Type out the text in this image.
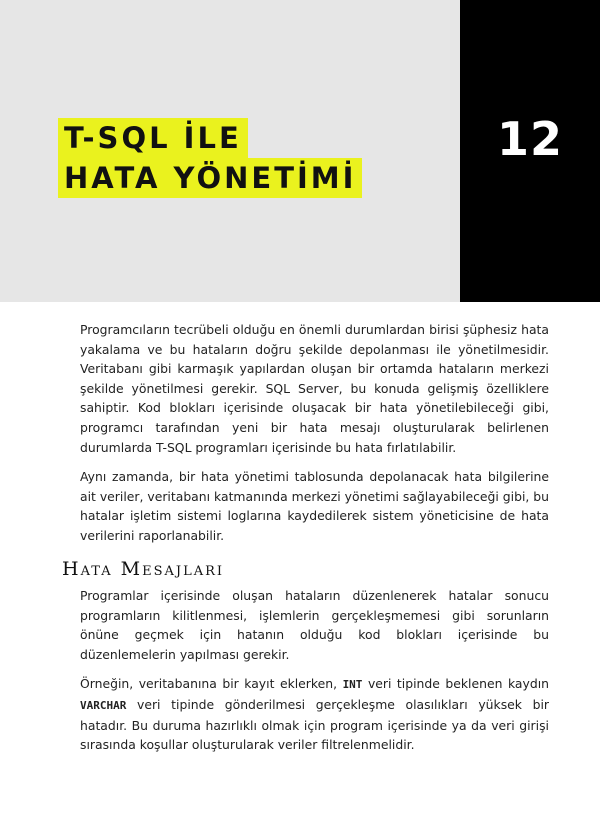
T-SQL İLE
HATA YÖNETİMİ
12

Programcıların tecrübeli olduğu en önemli durumlardan birisi şüphesiz hata yakalama ve bu hataların doğru şekilde depolanması ile yönetilmesidir. Veritabanı gibi karmaşık yapılardan oluşan bir ortamda hataların merkezi şekilde yönetilmesi gerekir. SQL Server, bu konuda gelişmiş özelliklere sahiptir. Kod blokları içerisinde oluşacak bir hata yönetilebileceği gibi, programcı tarafından yeni bir hata mesajı oluşturularak belirlenen durumlarda T-SQL programları içerisinde bu hata fırlatılabilir.

Aynı zamanda, bir hata yönetimi tablosunda depolanacak hata bilgilerine ait veriler, veritabanı katmanında merkezi yönetimi sağlayabileceği gibi, bu hatalar işletim sistemi loglarına kaydedilerek sistem yöneticisine de hata verilerini raporlanabilir.

Hata Mesajları

Programlar içerisinde oluşan hataların düzenlenerek hatalar sonucu programların kilitlenmesi, işlemlerin gerçekleşmemesi gibi sorunların önüne geçmek için hatanın olduğu kod blokları içerisinde bu düzenlemelerin yapılması gerekir.

Örneğin, veritabanına bir kayıt eklerken, INT veri tipinde beklenen kaydın VARCHAR veri tipinde gönderilmesi gerçekleşme olasılıkları yüksek bir hatadır. Bu duruma hazırlıklı olmak için program içerisinde ya da veri girişi sırasında koşullar oluşturularak veriler filtrelenmelidir.
